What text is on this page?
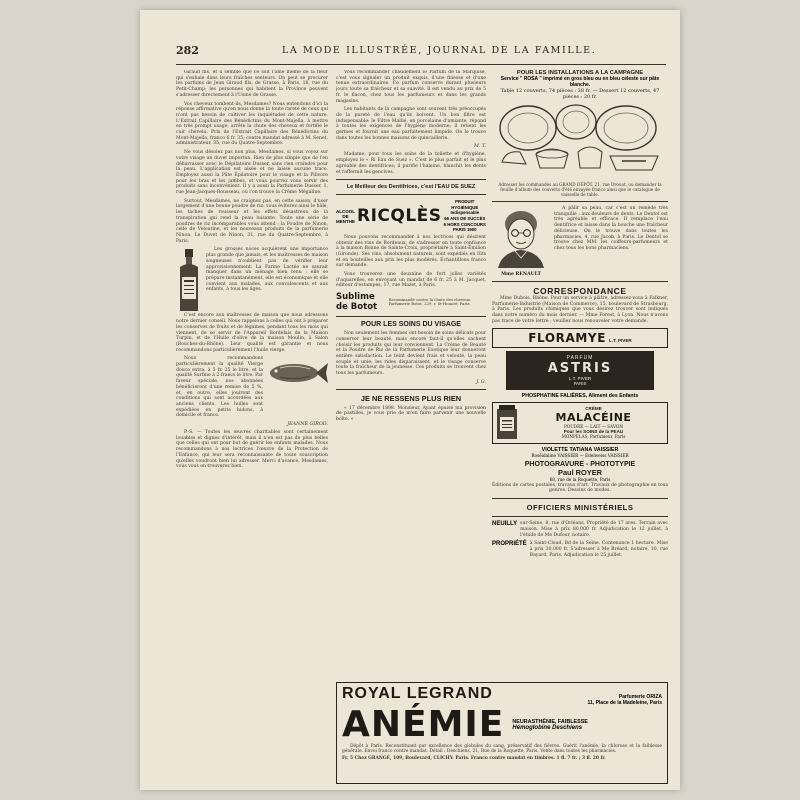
282	LA MODE ILLUSTRÉE, JOURNAL DE LA FAMILLE.

Giraud fils, et il semble que ce soit l'âme même de la fleur qui s'exhale dans leurs fraîches senteurs. On peut se procurer les parfums de Jean Giraud fils, de Grasse, à Paris, 18, rue du Petit-Champ; les personnes qui habitent la Province peuvent s'adresser directement à l'Usine de Grasse.

Vos cheveux tombent-ils, Mesdames? Nous entendons d'ici la réponse affirmative qu'en nous donne la toute rareté de ceux qui n'ont pas besoin de cultiver les inquiétudes de cette nature. L'Extrait Capillaire des Bénédictins du Mont-Majella, à mettre en très prompt usage, arrête la chute des cheveux et fortifie le cuir chevelu. Prix de l'Extrait Capillaire des Bénédictins du Mont-Majella, franco 6 fr. 35; contre mandat adressé à M. Senet, administrateur, 35, rue du Quatre-Septembre.

Ne vous désolez pas non plus, Mesdames, si vous voyez sur votre visage un duvet importun. Rien de plus simple que de l'en débarrasser avec le Dépilatoire Dusser, sans rien craindre pour la peau. L'application est aisée et ne laisse aucune trace. Employez aussi la Pâte Épilatoire pour le visage et la Pilivore pour les bras et les jambes, et vous pourrez vous servir des produits sans inconvénient. Il y a aussi la Parfumerie Dusser, 1, rue Jean-Jacques-Rousseau, où l'on trouve la Crème Mégaline.

Surtout, Mesdames, ne craignez pas, en cette saison, d'user largement d'une bonne poudre de riz: vous éviterez ainsi le hâle, les taches de rousseur et les effets désastreux de la transpiration qui rend la peau luisante. Toute une série de poudres de riz incomparables vous attend : la Poudre de Ninon, celle de Veloutine, et les nouveaux produits de la parfumerie Ninon. Le Duvet de Ninon, 31, rue du Quatre-Septembre, à Paris.

Les grosses noces acquièrent une importance plus grande que jamais, et les maîtresses de maison soigneuses n'oublient pas de vérifier leur approvisionnement. La Farine Lactée ne saurait manquer dans un ménage bien tenu : elle se prépare instantanément, elle est économique et elle convient aux malades, aux convalescents et aux enfants, à tous les âges.

C'est encore aux maîtresses de maison que nous adressons notre dernier conseil. Nous rappelons à celles qui ont à préparer les conserves de fruits et de légumes, pendant tous les mois qui viennent, de se servir de l'Appareil Bordelais de la Maison Turpin, et de l'Huile d'olive de la maison Moulin, à Salon (Bouches-du-Rhône). Leur qualité est garantie et nous recommandons particulièrement l'huile vierge.

Nous recommandons particulièrement la qualité Vierge douce extra, à 5 fr. 25 le litre, et la qualité Surfine à 2 francs le litre. Par faveur spéciale, nos abonnées bénéficieront d'une remise de 5 %, et, en outre, elles jouiront des conditions qui sont accordées aux anciens clients. Les huiles sont expédiées en petits bidons, à domicile et franco.

JEANNE GIROD.

P.-S. — Toutes les œuvres charitables sont certainement louables et dignes d'intérêt, mais il n'en est pas de plus belles que celles qui ont pour but de guérir les enfants malades. Nous recommandons à nos lectrices l'œuvre de la Protection de l'Enfance, qui leur sera reconnaissante de toute souscription qu'elles voudront bien lui adresser. Merci d'avance, Mesdames, vous vous en trouverez bien.

Vous recommander chaudement le Parfum de la Marquise, c'est vous signaler un produit exquis, d'une finesse et d'une tenue extraordinaires. Ce parfum conserve durant plusieurs jours toute sa fraîcheur et sa suavité. Il est vendu au prix de 5 fr. le flacon, chez tous les parfumeurs et dans les grands magasins.

Les habitants de la campagne sont souvent très préoccupés de la pureté de l'eau qu'ils boivent. Un bon filtre est indispensable: le Filtre Mallié, en porcelaine d'amiante, répond à toutes les exigences de l'hygiène moderne; il retient les germes et fournit une eau parfaitement limpide. On le trouve dans toutes les bonnes maisons de quincaillerie.

M. T.

Madame, pour tous les soins de la toilette et d'hygiène, employez le « Ri Eau de Suez ». C'est le plus parfait et le plus agréable des dentifrices; il purifie l'haleine, blanchit les dents et raffermit les gencives.

Le Meilleur des Dentifrices, c'est l'EAU DE SUEZ
ALCOOL
DE
MENTHE RICQLÈS
PRODUIT HYGIÉNIQUE Indispensable
66 ANS DE SUCCÈS 6 HORS CONCOURS PARIS 1900

Nous pouvons recommander à nos lectrices qui désirent obtenir des vins de Bordeaux, de s'adresser en toute confiance à la maison Bonne de Sainte-Croix, propriétaire à Saint-Émilion (Gironde). Ses vins, absolument naturels, sont expédiés en fûts et en bouteilles aux prix les plus modérés. Échantillons franco sur demande.

Vous trouverez une douzaine de fort jolies variétés d'aquarelles, en envoyant un mandat de 6 fr. 25 à M. Jacquet, éditeur d'estampes, 17, rue Mazet, à Paris.

Sublime de Botot
Recommandé contre la chute des cheveux. Parfumerie Botot, 229, r. St-Honoré, Paris.
POUR LES SOINS DU VISAGE

Non seulement les femmes ont besoin de soins délicats pour conserver leur beauté, mais encore faut-il qu'elles sachent choisir les produits qui leur conviennent. La Crème de Beauté et la Poudre de Riz de la Parfumerie Exotique leur donneront entière satisfaction. Le teint devient frais et velouté, la peau souple et unie; les rides disparaissent, et le visage conserve toute la fraîcheur de la jeunesse. Ces produits se trouvent chez tous les parfumeurs.

J. G.

JE NE RESSENS PLUS RIEN

« 17 décembre 1898. Monsieur, Ayant épuisé ma provision de pastilles, je vous prie de m'en faire parvenir une nouvelle boîte. »

ROYAL LEGRAND	Parfumerie ORIZA
11, Place de la Madeleine, Paris
ANÉMIE NEURASTHÉNIE, FAIBLESSE
Hémoglobine Deschiens

Dépôt à Paris. Reconstituant par excellence des globules du sang, préservatif des fièvres. Guérit l'anémie, la chlorose et la faiblesse générale. Envoi franco contre mandat. Détail : Deschiens, 21, Rue de la Roquette, Paris. Vente dans toutes les pharmacies.

Fr. 5 Chez GRANGÉ, 109, Boulevard, CLICHY. Paris. Franco contre mandat en timbres. 1 fl. 7 fr. ; 3 fl. 20 fr.

POUR LES INSTALLATIONS A LA CAMPAGNE
Service " ROSA " imprimé en gros bleu ou en bleu céleste sur pâte blanche.
Table 12 couverts, 74 pièces : 38 fr. — Dessert 12 couverts, 47 pièces : 20 fr.
Adresser les commandes au GRAND DÉPÔT, 21, rue Drouot, ou demander la feuille d'album des couverts d'été envoyée franco ainsi que le catalogue de vaisselle de table.
Mme RENAULT

A pâlir sa peau, car c'est un remède très tranquille : aux douleurs de dents. Le Dentol est très agréable et efficace. Il remplace l'eau dentifrice et laisse dans la bouche une fraîcheur délicieuse. On le trouve dans toutes les pharmacies, 4, rue Jacob, à Paris. Le Dentol se trouve chez MM. les coiffeurs-parfumeurs et chez tous les bons pharmaciens.

CORRESPONDANCE

Mme Dubois, Rhône. Pour un service à plâtre, adressez-vous à Falkner, Parfumerie-Industrie (Maison de Commerce), 15, boulevard de Strasbourg, à Paris. Les produits chimiques que vous désirez trouver sont indiqués dans notre numéro du mois dernier. — Mme Forest, à Lyon. Nous n'avons pas trace de votre lettre ; veuillez nous renouveler votre demande.

FLORAMYE L.T. PIVER
PARFUM
ASTRIS
L.T. PIVER
PARIS
PHOSPHATINE FALIÈRES, Aliment des Enfants
CRÈME
MALACÉINE
POUDRE — LAIT — SAVON
Pour les SOINS de la PEAU
MONPELAS, Parfumeur, Paris
VIOLETTE TATIANA VAISSIER
Roséidaline VAISSIER — Edelweiss VAISSIER
PHOTOGRAVURE - PHOTOTYPIE
Paul ROYER
68, rue de la Roquette, Paris

Éditions de cartes postales, travaux d'art. Travaux de photographie en tous genres. Dessins de modes.

OFFICIERS MINISTÉRIELS
NEUILLY sur-Seine, 8, rue d'Orléans. Propriété de 17 ares. Terrain avec maison. Mise à prix 80,000 fr. Adjudication le 12 juillet, à l'étude de Me Dufour, notaire.

PROPRIÉTÉ à Saint-Cloud, Bd de la Seine. Contenance 1 hectare. Mise à prix 30,000 fr. S'adresser à Me Bréard, notaire, 10, rue Bayard, Paris. Adjudication le 25 juillet.
